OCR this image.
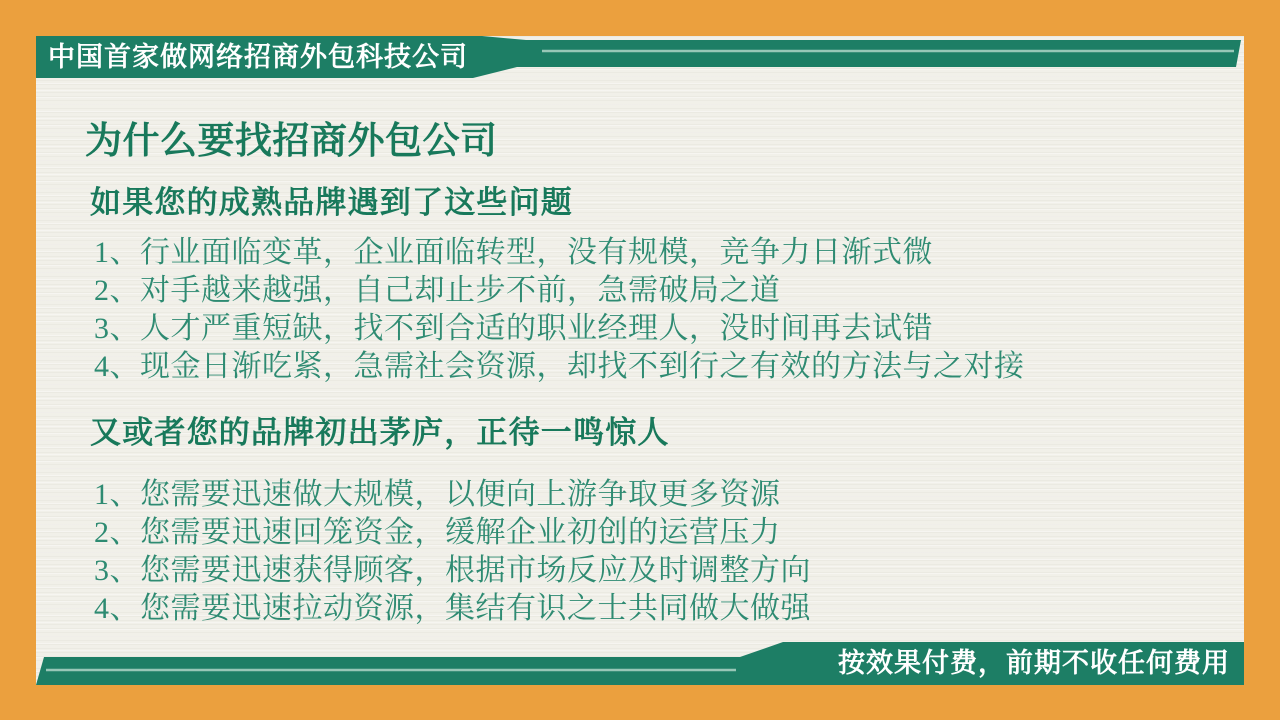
中国首家做网络招商外包科技公司
为什么要找招商外包公司
如果您的成熟品牌遇到了这些问题
1、行业面临变革，企业面临转型，没有规模，竞争力日渐式微
2、对手越来越强，自己却止步不前，急需破局之道
3、人才严重短缺，找不到合适的职业经理人，没时间再去试错
4、现金日渐吃紧，急需社会资源，却找不到行之有效的方法与之对接
又或者您的品牌初出茅庐，正待一鸣惊人
1、您需要迅速做大规模，以便向上游争取更多资源
2、您需要迅速回笼资金，缓解企业初创的运营压力
3、您需要迅速获得顾客，根据市场反应及时调整方向
4、您需要迅速拉动资源，集结有识之士共同做大做强
按效果付费，前期不收任何费用
